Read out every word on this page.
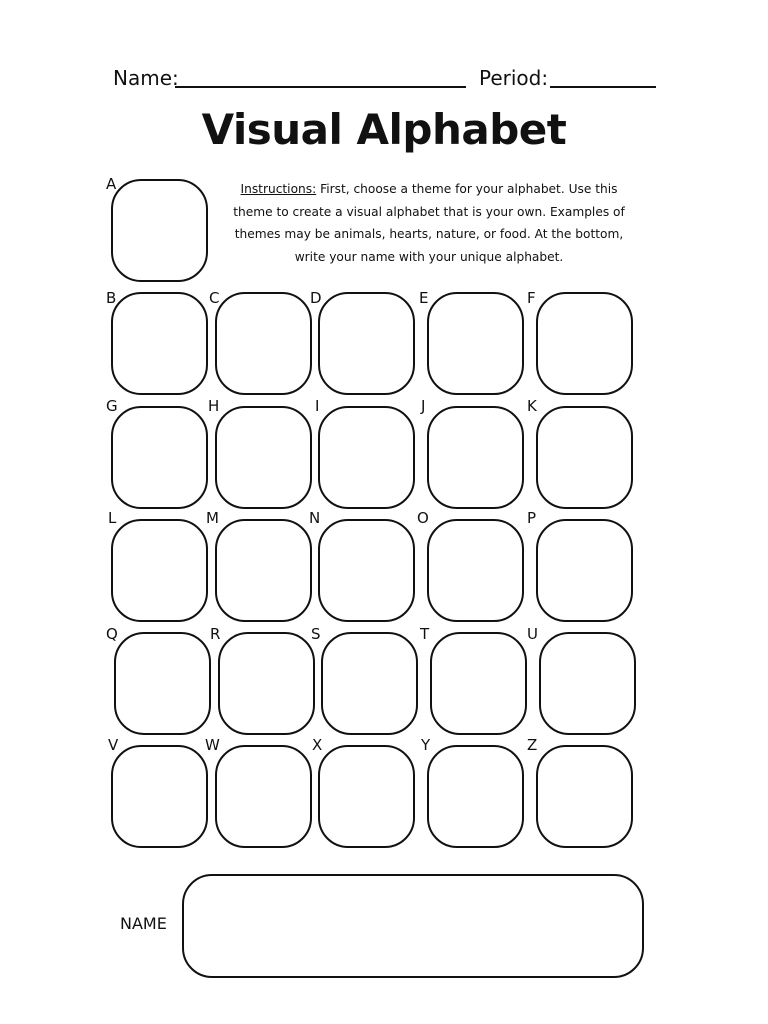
Name:	Period:
Visual Alphabet
Instructions: First, choose a theme for your alphabet. Use this theme to create a visual alphabet that is your own. Examples of themes may be animals, hearts, nature, or food. At the bottom, write your name with your unique alphabet.
A
B	C	D	E	F
G	H	I	J	K
L	M	N	O	P
Q	R	S	T	U
V	W	X	Y	Z
NAME
